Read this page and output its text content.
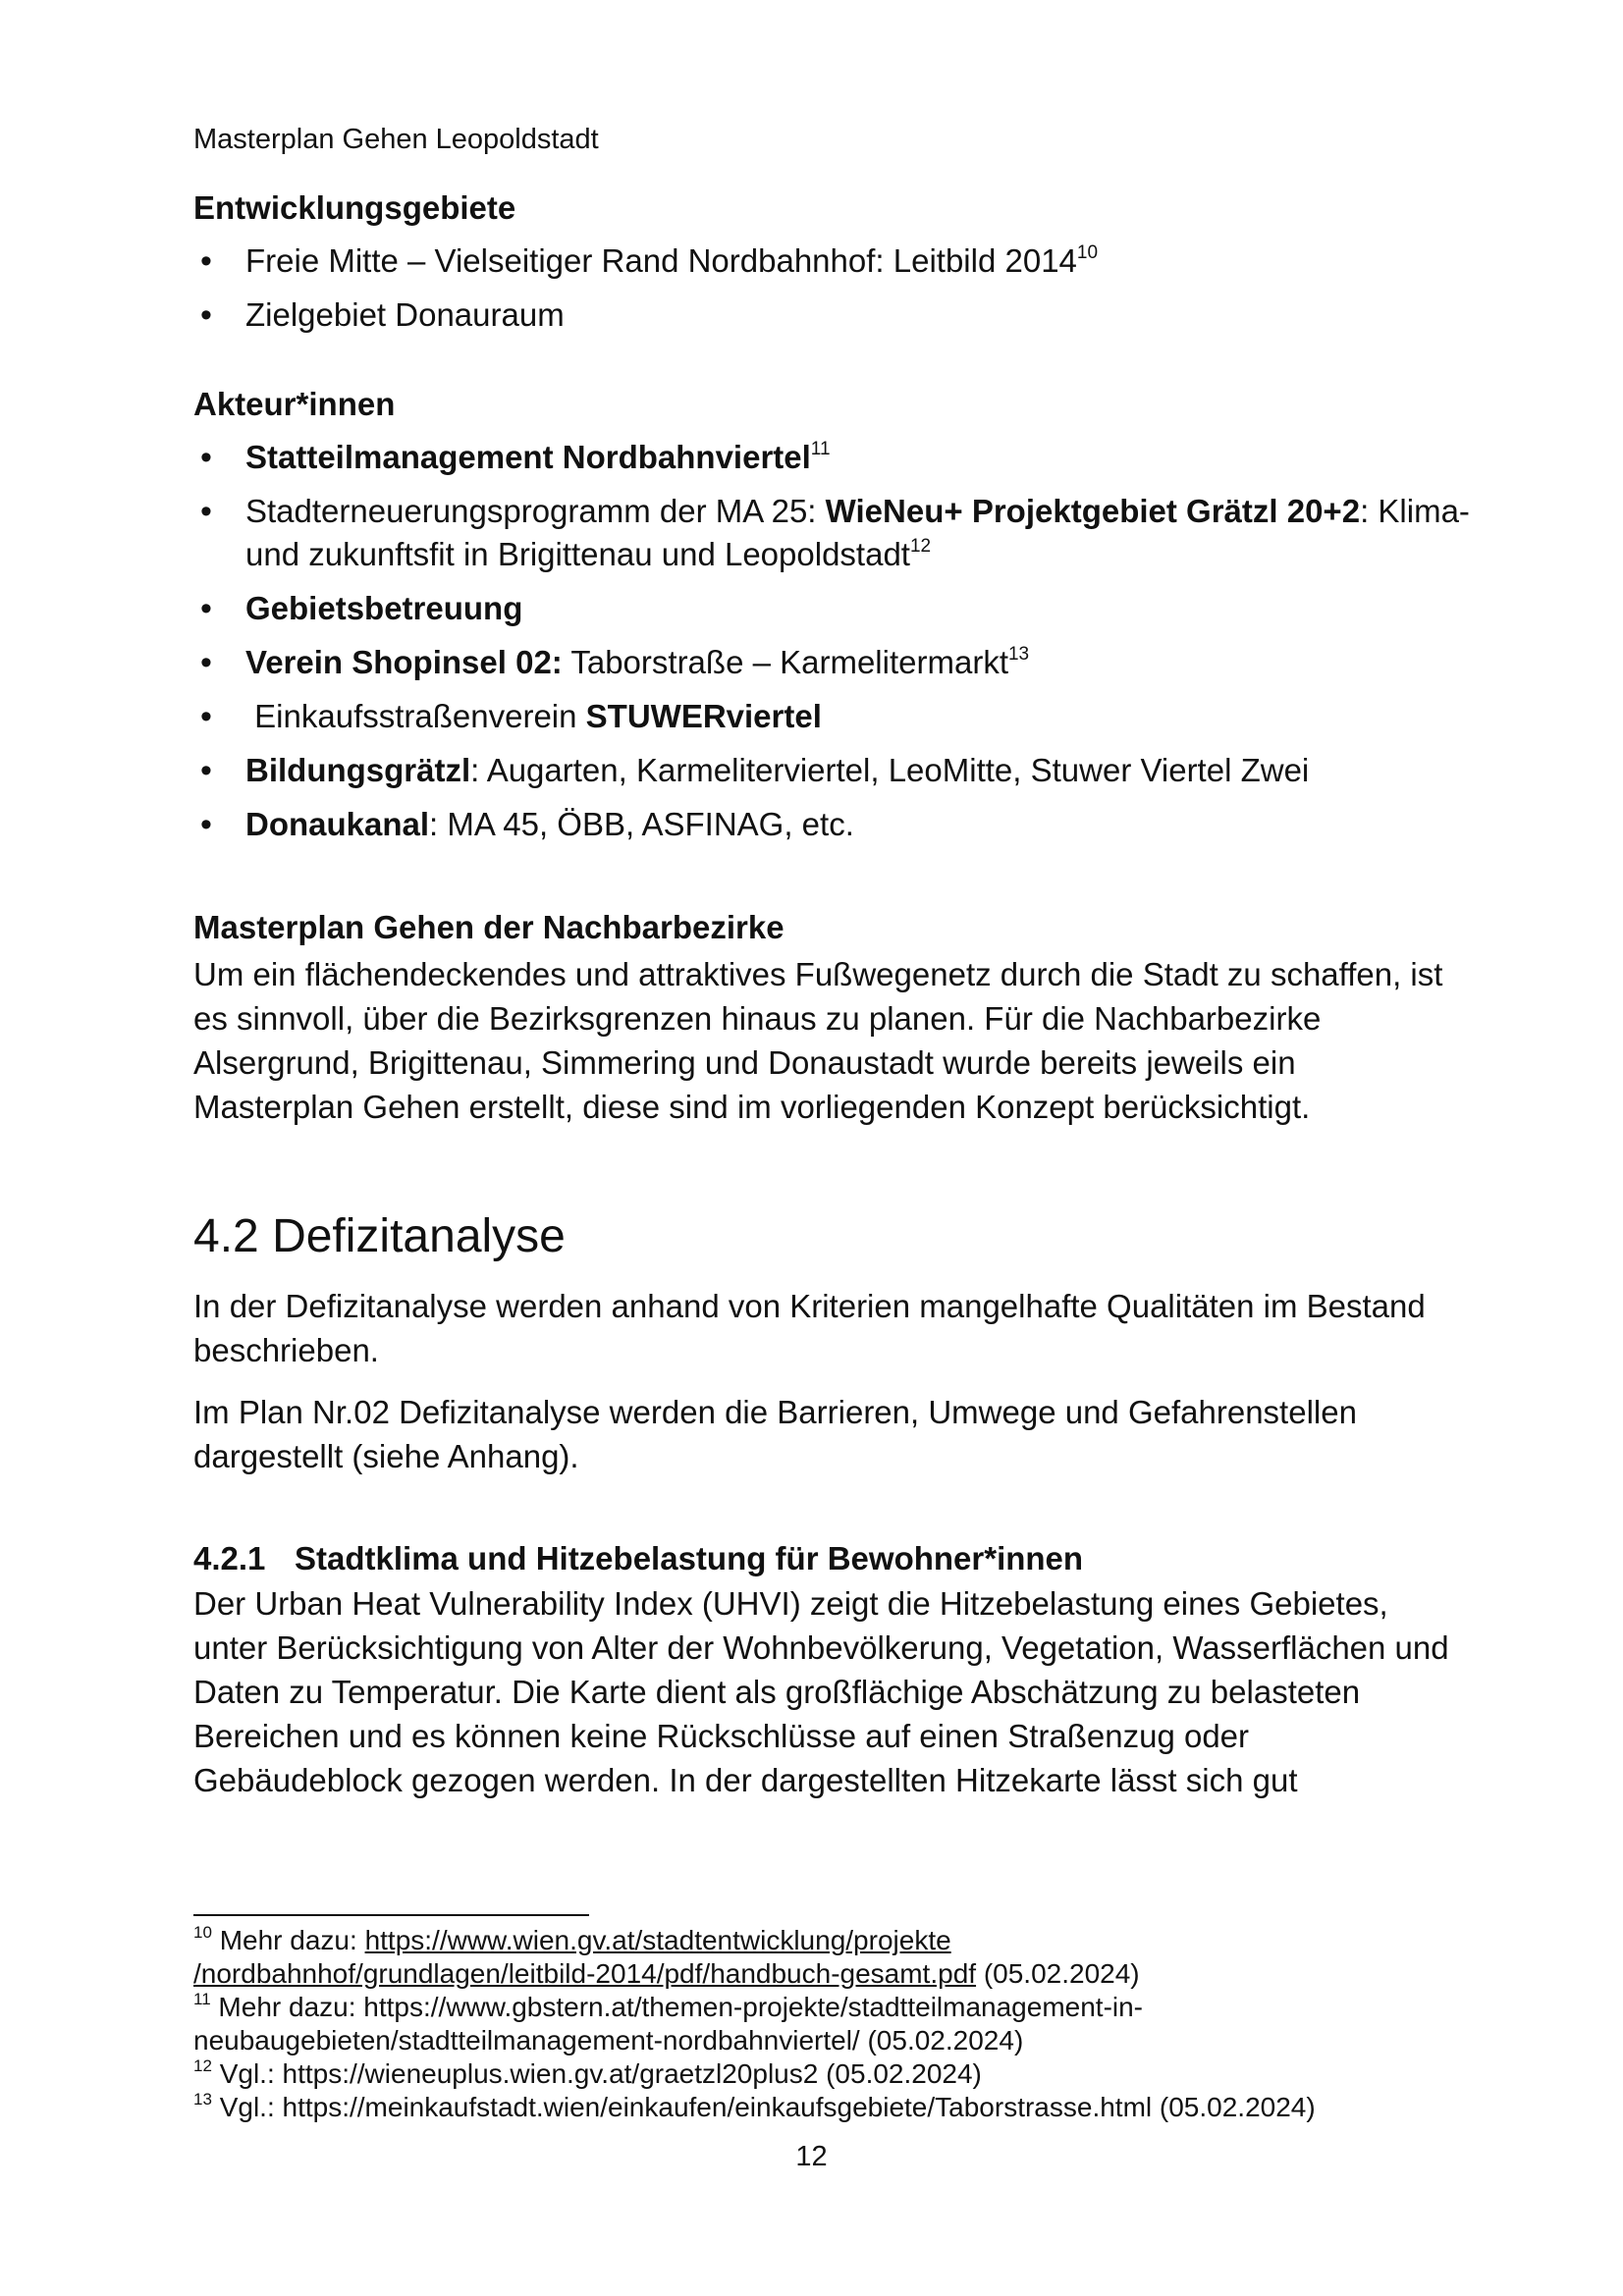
Masterplan Gehen Leopoldstadt
Entwicklungsgebiete
• Freie Mitte – Vielseitiger Rand Nordbahnhof: Leitbild 2014$^{10}$
• Zielgebiet Donauraum
Akteur*innen
• Statteilmanagement Nordbahnviertel$^{11}$
• Stadterneuerungsprogramm der MA 25: WieNeu+ Projektgebiet Grätzl 20+2: Klima- und zukunftsfit in Brigittenau und Leopoldstadt$^{12}$
• Gebietsbetreuung
• Verein Shopinsel 02: Taborstraße – Karmelitermarkt$^{13}$
•  Einkaufsstraßenverein STUWERviertel
• Bildungsgrätzl: Augarten, Karmeliterviertel, LeoMitte, Stuwer Viertel Zwei
• Donaukanal: MA 45, ÖBB, ASFINAG, etc.
Masterplan Gehen der Nachbarbezirke

Um ein flächendeckendes und attraktives Fußwegenetz durch die Stadt zu schaffen, ist es sinnvoll, über die Bezirksgrenzen hinaus zu planen. Für die Nachbarbezirke Alsergrund, Brigittenau, Simmering und Donaustadt wurde bereits jeweils ein Masterplan Gehen erstellt, diese sind im vorliegenden Konzept berücksichtigt.

4.2 Defizitanalyse

In der Defizitanalyse werden anhand von Kriterien mangelhafte Qualitäten im Bestand beschrieben.

Im Plan Nr.02 Defizitanalyse werden die Barrieren, Umwege und Gefahrenstellen dargestellt (siehe Anhang).

4.2.1 Stadtklima und Hitzebelastung für Bewohner*innen

Der Urban Heat Vulnerability Index (UHVI) zeigt die Hitzebelastung eines Gebietes, unter Berücksichtigung von Alter der Wohnbevölkerung, Vegetation, Wasserflächen und Daten zu Temperatur. Die Karte dient als großflächige Abschätzung zu belasteten Bereichen und es können keine Rückschlüsse auf einen Straßenzug oder Gebäudeblock gezogen werden. In der dargestellten Hitzekarte lässt sich gut

$^{10}$ Mehr dazu: https://www.wien.gv.at/stadtentwicklung/projekte

/nordbahnhof/grundlagen/leitbild-2014/pdf/handbuch-gesamt.pdf (05.02.2024)

$^{11}$ Mehr dazu: https://www.gbstern.at/themen-projekte/stadtteilmanagement-in-

neubaugebieten/stadtteilmanagement-nordbahnviertel/ (05.02.2024)

$^{12}$ Vgl.: https://wieneuplus.wien.gv.at/graetzl20plus2 (05.02.2024)

$^{13}$ Vgl.: https://meinkaufstadt.wien/einkaufen/einkaufsgebiete/Taborstrasse.html (05.02.2024)

12
